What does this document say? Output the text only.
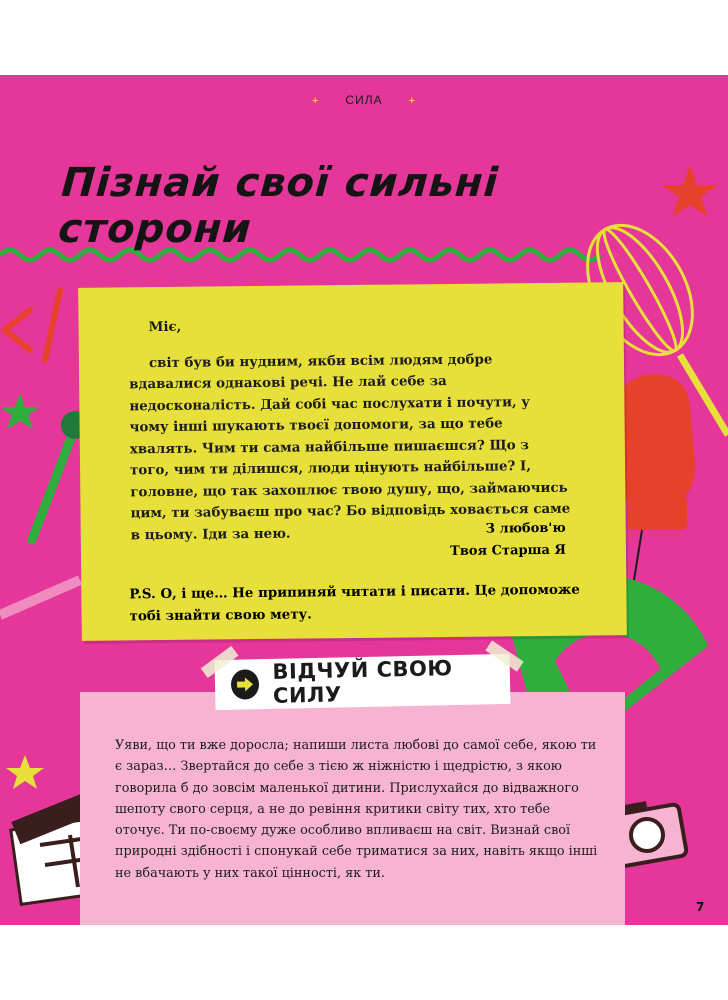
+ СИЛА +
Пізнай свої сильні сторони

Міє,

світ був би нудним, якби всім людям добре вдавалися однакові речі. Не лай себе за недосконалість. Дай собі час послухати і почути, у чому інші шукають твоєї допомоги, за що тебе хвалять. Чим ти сама найбільше пишаєшся? Що з того, чим ти ділишся, люди цінують найбільше? І, головне, що так захоплює твою душу, що, займаючись цим, ти забуваєш про час? Бо відповідь ховається саме в цьому. Іди за нею.	З любов'ю
Твоя Старша Я
P.S. О, і ще… Не припиняй читати і писати. Це допоможе тобі знайти свою мету.
ВІДЧУЙ СВОЮ СИЛУ
Уяви, що ти вже доросла; напиши листа любові до самої себе, якою ти є зараз… Звертайся до себе з тією ж ніжністю і щедрістю, з якою говорила б до зовсім маленької дитини. Прислухайся до відважного шепоту свого серця, а не до ревіння критики світу тих, хто тебе оточує. Ти по-своєму дуже особливо впливаєш на світ. Визнай свої природні здібності і спонукай себе триматися за них, навіть якщо інші не вбачають у них такої цінності, як ти.
7
